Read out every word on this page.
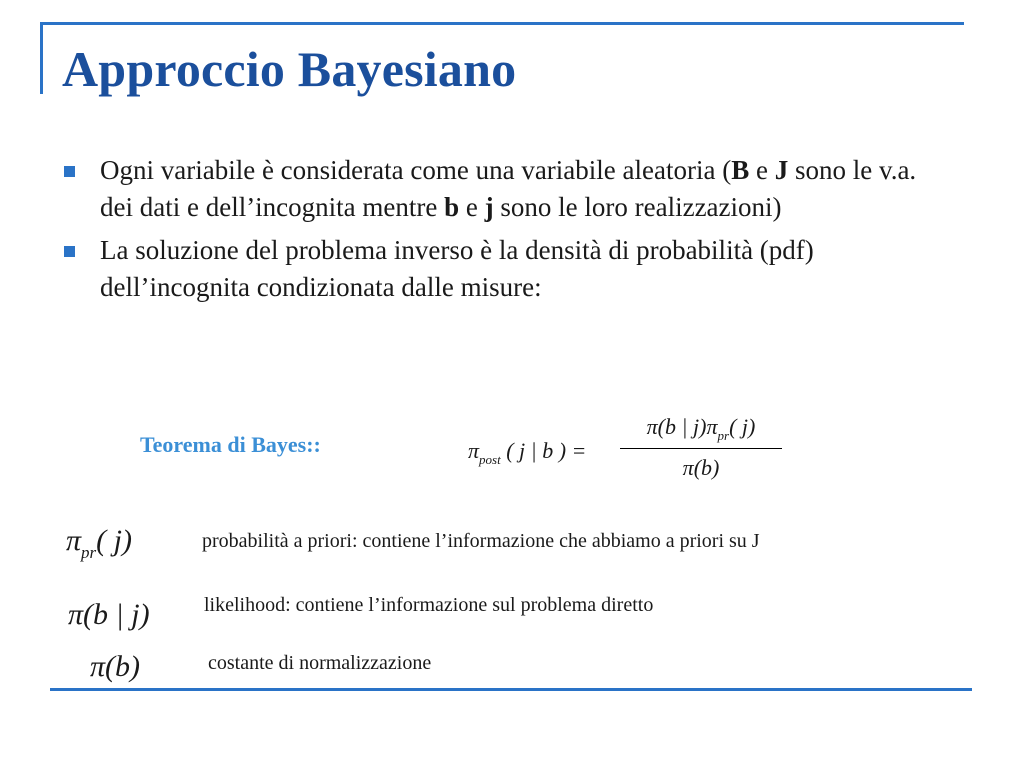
Approccio Bayesiano
Ogni variabile è considerata come una variabile aleatoria (B e J sono le v.a. dei dati e dell’incognita mentre b e j sono le loro realizzazioni)
La soluzione del problema inverso è la densità di probabilità (pdf) dell’incognita condizionata dalle misure:
Teorema di Bayes::	$\pi_{post}$ ( j | b ) =
π(b | $j)\pi_{pr}$( j)
π(b)
$\pi_{pr}$( j)	probabilità a priori: contiene l’informazione che abbiamo a priori su J
π(b | j)	likelihood: contiene l’informazione sul problema diretto
π(b)	costante di normalizzazione
